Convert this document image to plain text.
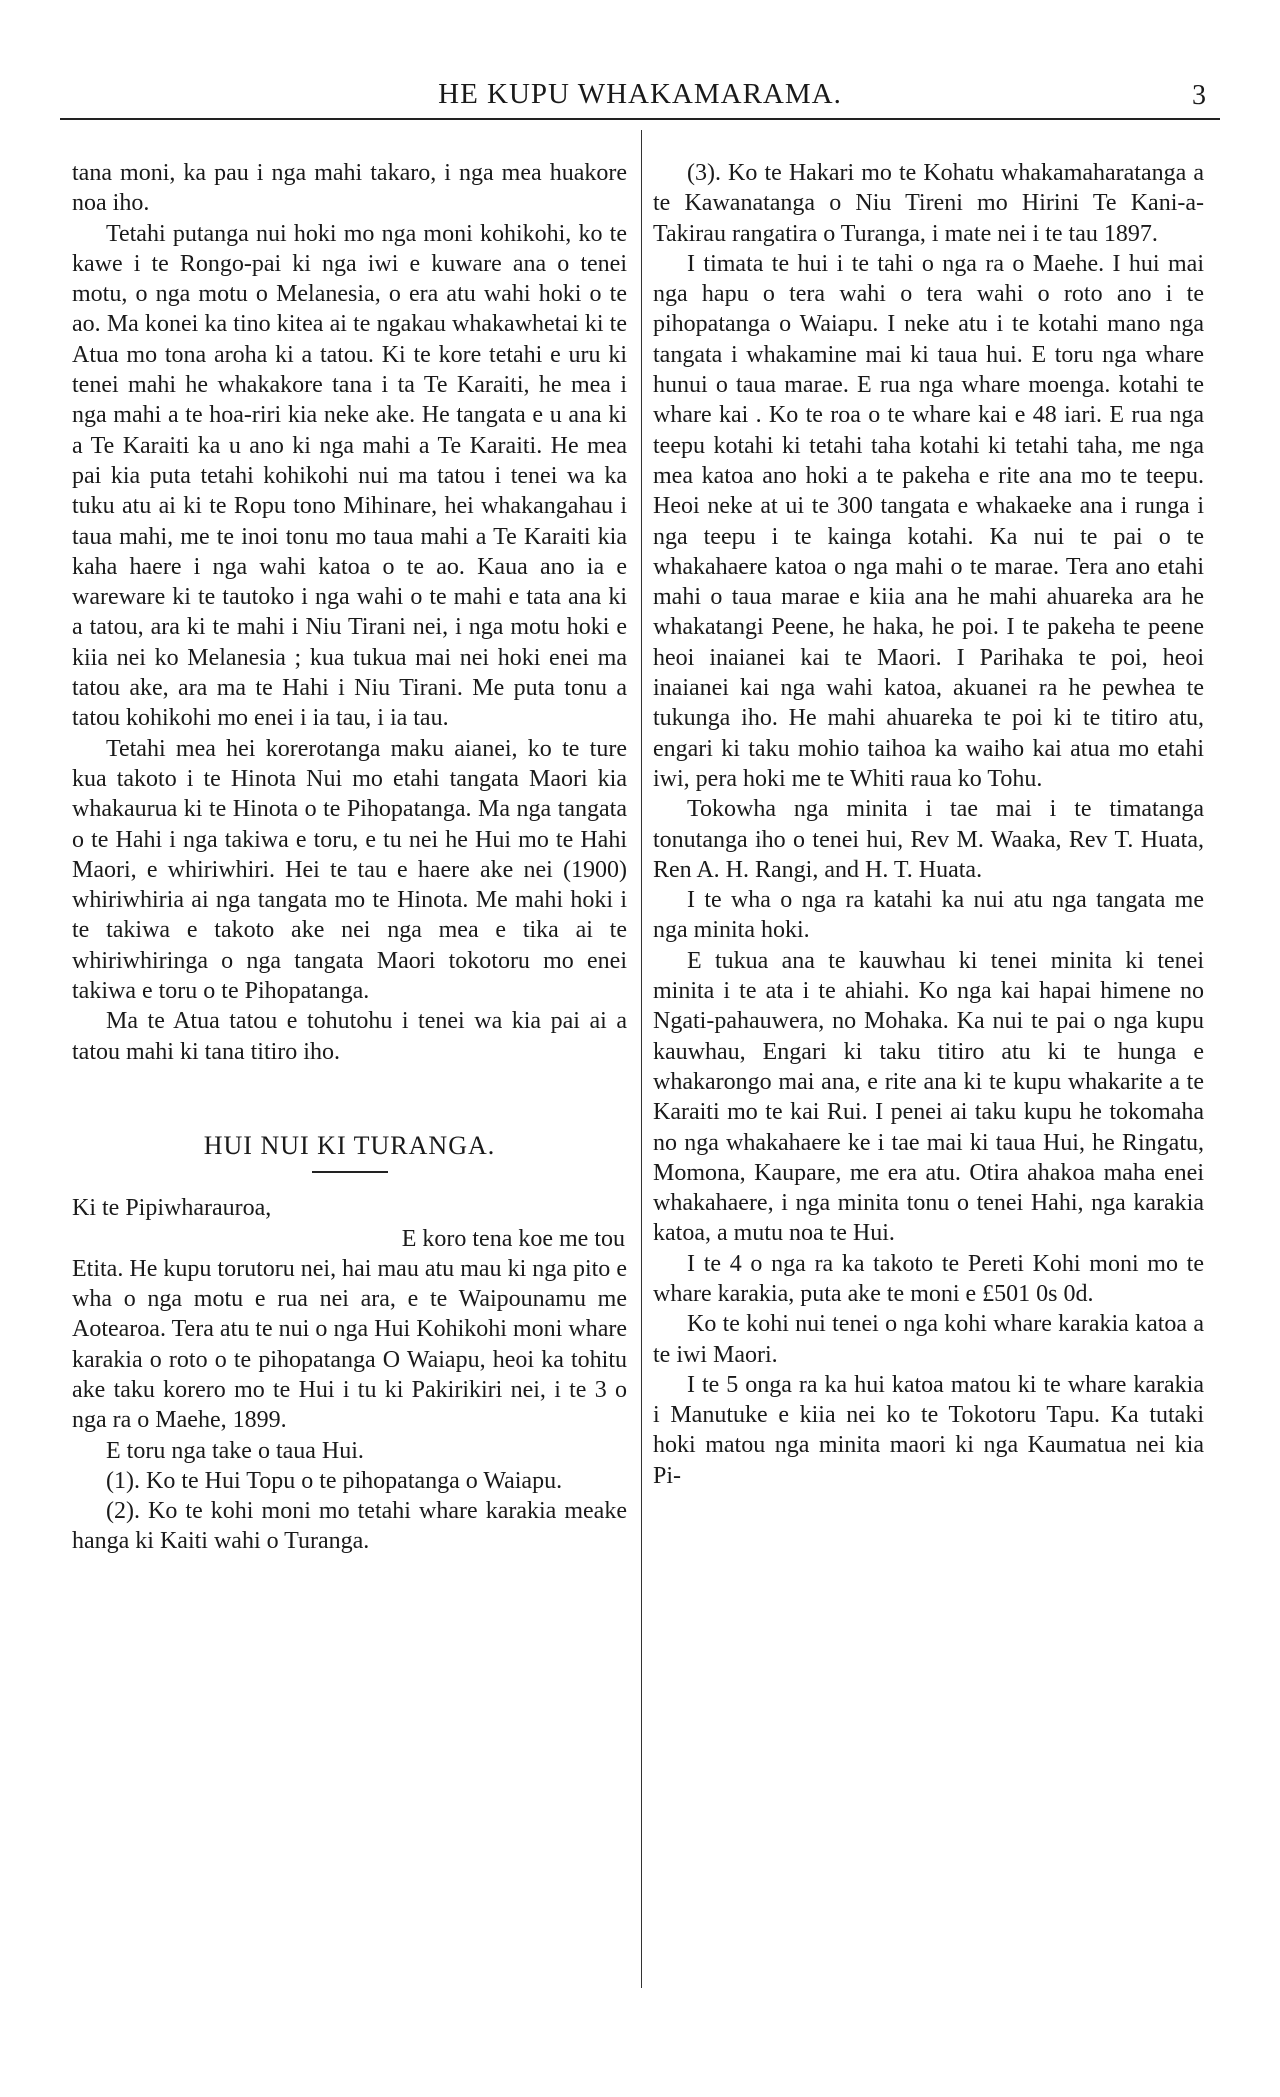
HE KUPU WHAKAMARAMA.	3

tana moni, ka pau i nga mahi takaro, i nga mea huakore noa iho.

Tetahi putanga nui hoki mo nga moni kohikohi, ko te kawe i te Rongo-pai ki nga iwi e kuware ana o tenei motu, o nga motu o Melanesia, o era atu wahi hoki o te ao. Ma konei ka tino kitea ai te ngakau whakawhetai ki te Atua mo tona aroha ki a tatou. Ki te kore tetahi e uru ki tenei mahi he whakakore tana i ta Te Karaiti, he mea i nga mahi a te hoa-riri kia neke ake. He tangata e u ana ki a Te Karaiti ka u ano ki nga mahi a Te Karaiti. He mea pai kia puta tetahi kohikohi nui ma tatou i tenei wa ka tuku atu ai ki te Ropu tono Mihinare, hei whakangahau i taua mahi, me te inoi tonu mo taua mahi a Te Karaiti kia kaha haere i nga wahi katoa o te ao. Kaua ano ia e wareware ki te tautoko i nga wahi o te mahi e tata ana ki a tatou, ara ki te mahi i Niu Tirani nei, i nga motu hoki e kiia nei ko Melanesia ; kua tukua mai nei hoki enei ma tatou ake, ara ma te Hahi i Niu Tirani. Me puta tonu a tatou kohikohi mo enei i ia tau, i ia tau.

Tetahi mea hei korerotanga maku aianei, ko te ture kua takoto i te Hinota Nui mo etahi tangata Maori kia whakaurua ki te Hinota o te Pihopatanga. Ma nga tangata o te Hahi i nga takiwa e toru, e tu nei he Hui mo te Hahi Maori, e whiriwhiri. Hei te tau e haere ake nei (1900) whiriwhiria ai nga tangata mo te Hinota. Me mahi hoki i te takiwa e takoto ake nei nga mea e tika ai te whiriwhiringa o nga tangata Maori tokotoru mo enei takiwa e toru o te Pihopatanga.

Ma te Atua tatou e tohutohu i tenei wa kia pai ai a tatou mahi ki tana titiro iho.

HUI NUI KI TURANGA.

Ki te Pipiwharauroa,

E koro tena koe me tou

Etita. He kupu torutoru nei, hai mau atu mau ki nga pito e wha o nga motu e rua nei ara, e te Waipounamu me Aotearoa. Tera atu te nui o nga Hui Kohikohi moni whare karakia o roto o te pihopatanga O Waiapu, heoi ka tohitu ake taku korero mo te Hui i tu ki Pakirikiri nei, i te 3 o nga ra o Maehe, 1899.

E toru nga take o taua Hui.

(1). Ko te Hui Topu o te pihopatanga o Waiapu.

(2). Ko te kohi moni mo tetahi whare karakia meake hanga ki Kaiti wahi o Turanga.

(3). Ko te Hakari mo te Kohatu whakamaharatanga a te Kawanatanga o Niu Tireni mo Hirini Te Kani-a-Takirau rangatira o Turanga, i mate nei i te tau 1897.

I timata te hui i te tahi o nga ra o Maehe. I hui mai nga hapu o tera wahi o tera wahi o roto ano i te pihopatanga o Waiapu. I neke atu i te kotahi mano nga tangata i whakamine mai ki taua hui. E toru nga whare hunui o taua marae. E rua nga whare moenga. kotahi te whare kai . Ko te roa o te whare kai e 48 iari. E rua nga teepu kotahi ki tetahi taha kotahi ki tetahi taha, me nga mea katoa ano hoki a te pakeha e rite ana mo te teepu. Heoi neke at ui te 300 tangata e whakaeke ana i runga i nga teepu i te kainga kotahi. Ka nui te pai o te whakahaere katoa o nga mahi o te marae. Tera ano etahi mahi o taua marae e kiia ana he mahi ahuareka ara he whakatangi Peene, he haka, he poi. I te pakeha te peene heoi inaianei kai te Maori. I Parihaka te poi, heoi inaianei kai nga wahi katoa, akuanei ra he pewhea te tukunga iho. He mahi ahuareka te poi ki te titiro atu, engari ki taku mohio taihoa ka waiho kai atua mo etahi iwi, pera hoki me te Whiti raua ko Tohu.

Tokowha nga minita i tae mai i te timatanga tonutanga iho o tenei hui, Rev M. Waaka, Rev T. Huata, Ren A. H. Rangi, and H. T. Huata.

I te wha o nga ra katahi ka nui atu nga tangata me nga minita hoki.

E tukua ana te kauwhau ki tenei minita ki tenei minita i te ata i te ahiahi. Ko nga kai hapai himene no Ngati-pahauwera, no Mohaka. Ka nui te pai o nga kupu kauwhau, Engari ki taku titiro atu ki te hunga e whakarongo mai ana, e rite ana ki te kupu whakarite a te Karaiti mo te kai Rui. I penei ai taku kupu he tokomaha no nga whakahaere ke i tae mai ki taua Hui, he Ringatu, Momona, Kaupare, me era atu. Otira ahakoa maha enei whakahaere, i nga minita tonu o tenei Hahi, nga karakia katoa, a mutu noa te Hui.

I te 4 o nga ra ka takoto te Pereti Kohi moni mo te whare karakia, puta ake te moni e £501 0s 0d.

Ko te kohi nui tenei o nga kohi whare karakia katoa a te iwi Maori.

I te 5 onga ra ka hui katoa matou ki te whare karakia i Manutuke e kiia nei ko te Tokotoru Tapu. Ka tutaki hoki matou nga minita maori ki nga Kaumatua nei kia Pi-
